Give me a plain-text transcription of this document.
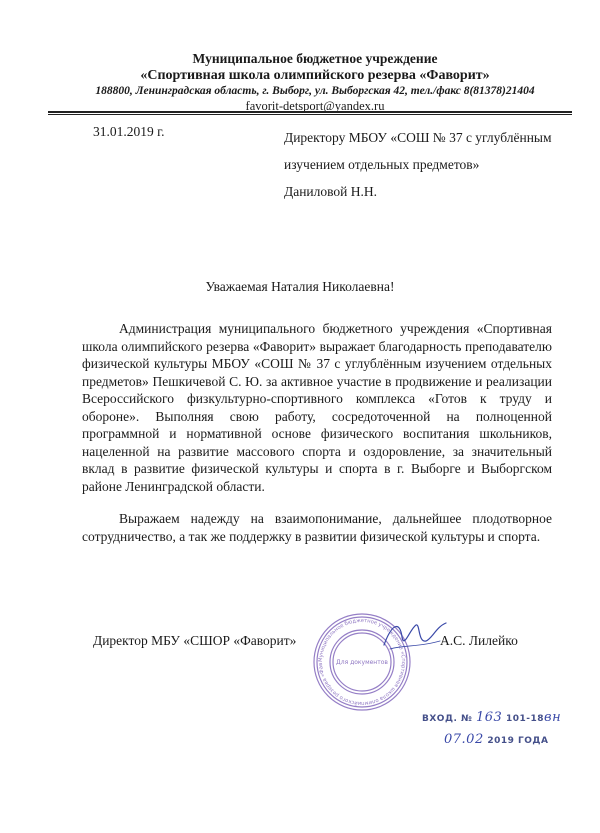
Муниципальное бюджетное учреждение
«Спортивная школа олимпийского резерва «Фаворит»
188800, Ленинградская область, г. Выборг, ул. Выборгская 42, тел./факс 8(81378)21404
favorit-detsport@yandex.ru
31.01.2019 г.	Директору МБОУ «СОШ № 37 с углублённым
изучением отдельных предметов»
Даниловой Н.Н.
Уважаемая Наталия Николаевна!

Администрация муниципального бюджетного учреждения «Спортивная школа олимпийского резерва «Фаворит» выражает благодарность преподавателю физической культуры МБОУ «СОШ № 37 с углублённым изучением отдельных предметов» Пешкичевой С. Ю. за активное участие в продвижение и реализации Всероссийского физкультурно-спортивного комплекса «Готов к труду и обороне». Выполняя свою работу, сосредоточенной на полноценной программной и нормативной основе физического воспитания школьников, нацеленной на развитие массового спорта и оздоровление, за значительный вклад в развитие физической культуры и спорта в г. Выборге и Выборгском районе Ленинградской области.

Выражаем надежду на взаимопонимание, дальнейшее плодотворное сотрудничество, а так же поддержку в развитии физической культуры и спорта.

Директор МБУ «СШОР «Фаворит»
Муниципальное бюджетное учреждение «Спортивная школа олимпийского резерва «Фав	Для документов
А.С. Лилейко
ВХОД. № 163 101-18вн
07.02 2019 ГОДА
